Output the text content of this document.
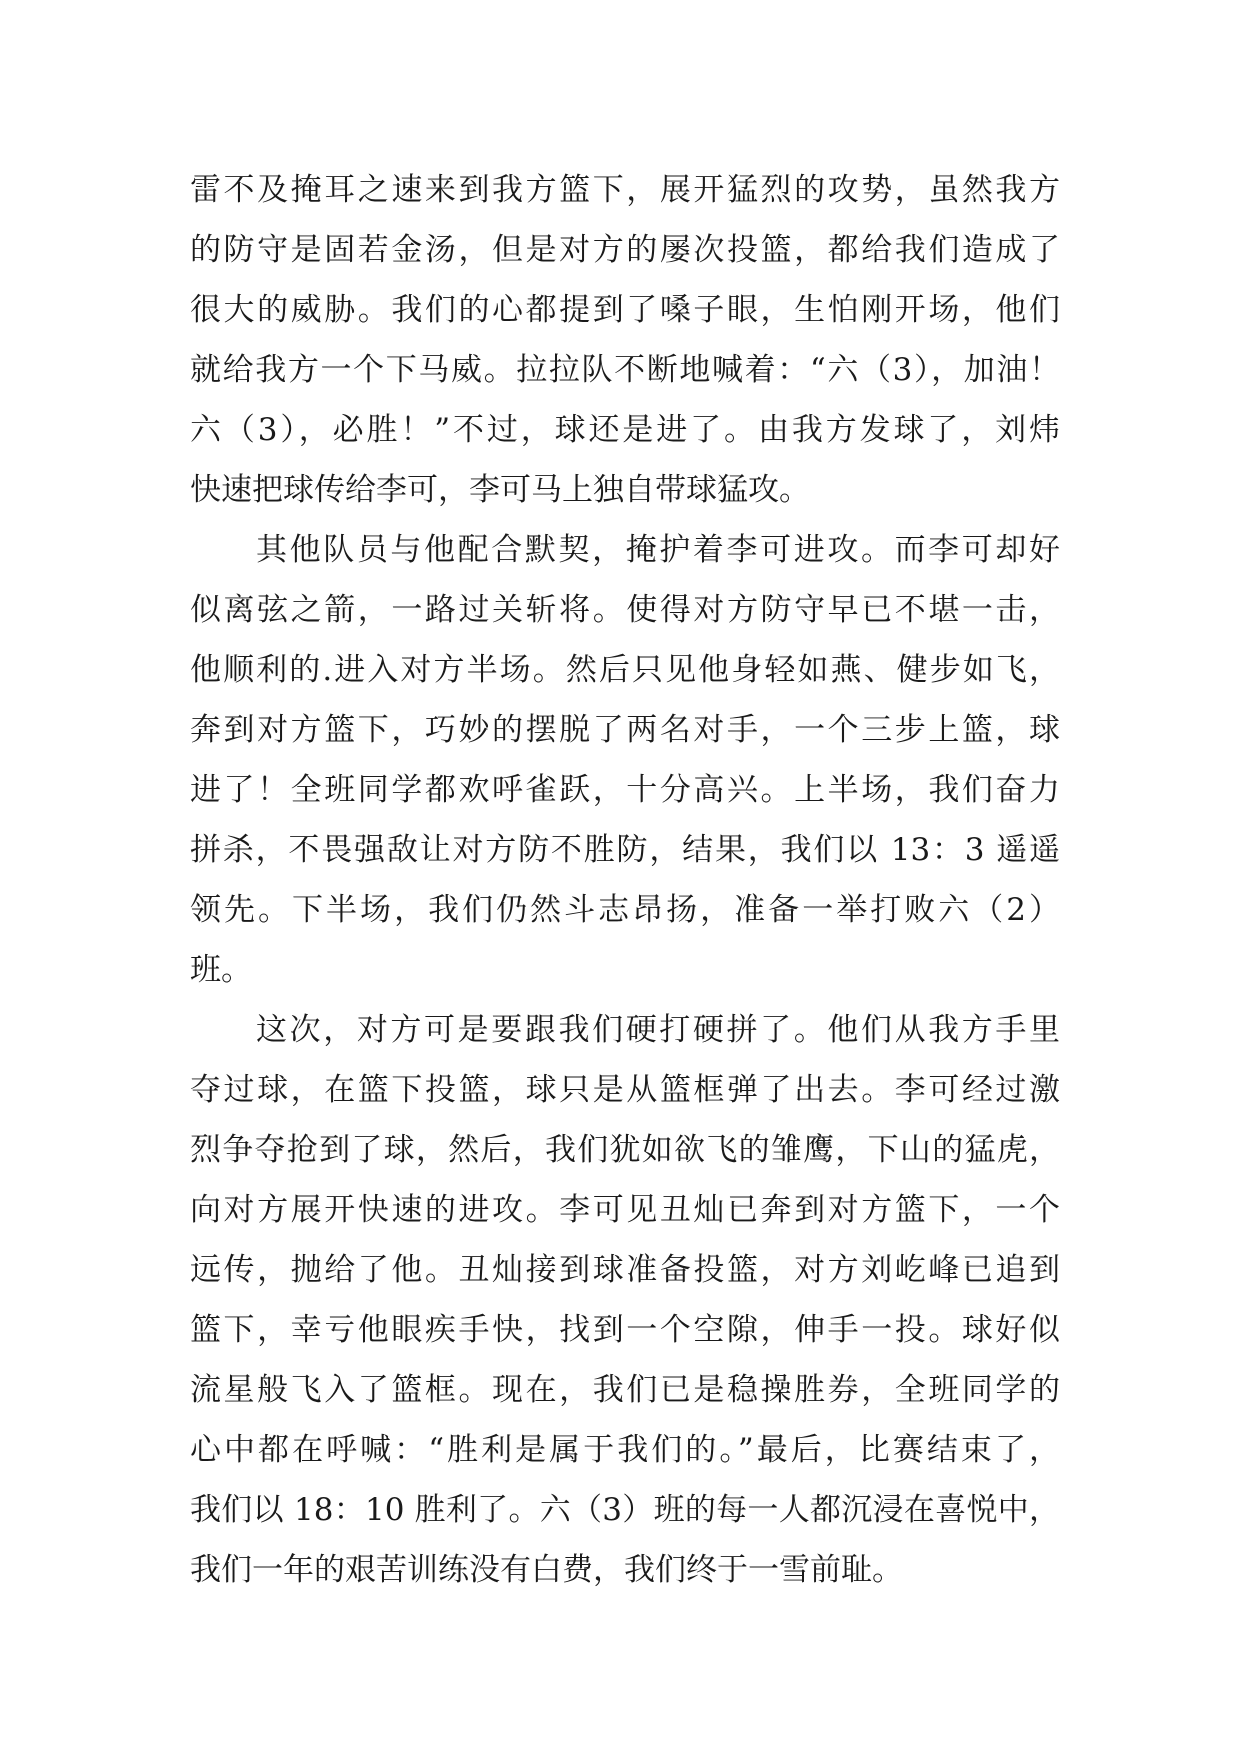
雷不及掩耳之速来到我方篮下，展开猛烈的攻势，虽然我方
的防守是固若金汤，但是对方的屡次投篮，都给我们造成了
很大的威胁。我们的心都提到了嗓子眼，生怕刚开场，他们
就给我方一个下马威。拉拉队不断地喊着：“六（3），加油！
六（3），必胜！”不过，球还是进了。由我方发球了，刘炜
快速把球传给李可，李可马上独自带球猛攻。
其他队员与他配合默契，掩护着李可进攻。而李可却好
似离弦之箭，一路过关斩将。使得对方防守早已不堪一击，
他顺利的.进入对方半场。然后只见他身轻如燕、健步如飞，
奔到对方篮下，巧妙的摆脱了两名对手，一个三步上篮，球
进了！全班同学都欢呼雀跃，十分高兴。上半场，我们奋力
拼杀，不畏强敌让对方防不胜防，结果，我们以 13：3 遥遥
领先。下半场，我们仍然斗志昂扬，准备一举打败六（2）
班。
这次，对方可是要跟我们硬打硬拼了。他们从我方手里
夺过球，在篮下投篮，球只是从篮框弹了出去。李可经过激
烈争夺抢到了球，然后，我们犹如欲飞的雏鹰，下山的猛虎，
向对方展开快速的进攻。李可见丑灿已奔到对方篮下，一个
远传，抛给了他。丑灿接到球准备投篮，对方刘屹峰已追到
篮下，幸亏他眼疾手快，找到一个空隙，伸手一投。球好似
流星般飞入了篮框。现在，我们已是稳操胜券，全班同学的
心中都在呼喊：“胜利是属于我们的。”最后，比赛结束了，
我们以 18：10 胜利了。六（3）班的每一人都沉浸在喜悦中，
我们一年的艰苦训练没有白费，我们终于一雪前耻。
